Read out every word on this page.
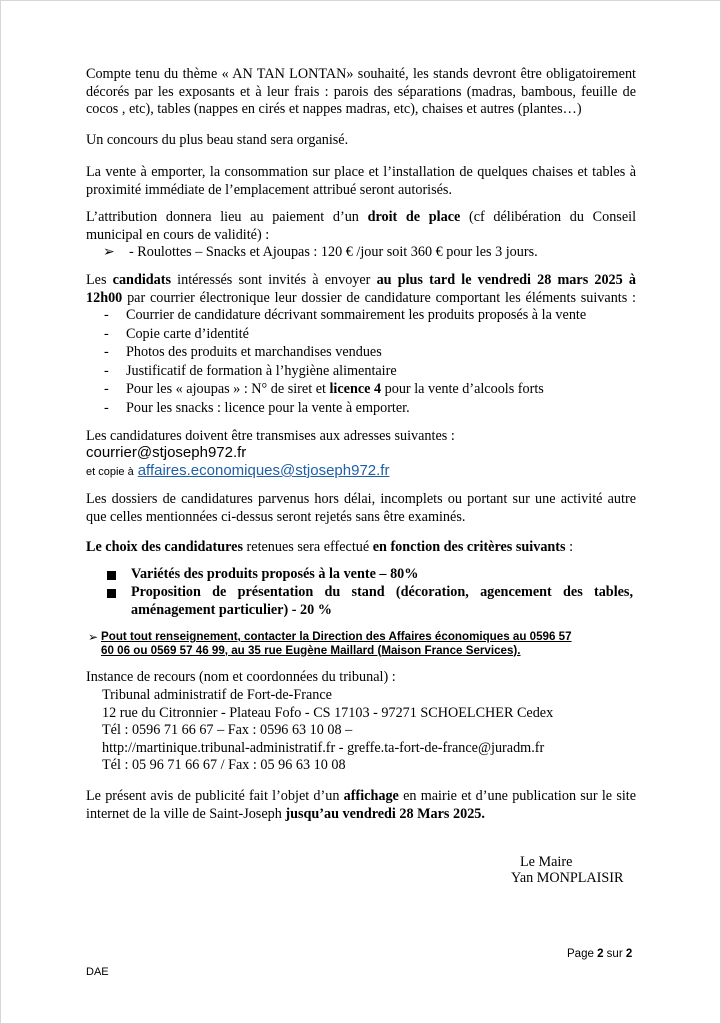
Compte tenu du thème « AN TAN LONTAN» souhaité, les stands devront être obligatoirement
décorés par les exposants et à leur frais : parois des séparations (madras, bambous, feuille de
cocos , etc), tables (nappes en cirés et nappes madras, etc), chaises et autres (plantes…)
Un concours du plus beau stand sera organisé.
La vente à emporter, la consommation sur place et l’installation de quelques chaises et tables à
proximité immédiate de l’emplacement attribué seront autorisés.
L’attribution donnera lieu au paiement d’un droit de place (cf délibération du Conseil
municipal en cours de validité) :
➢ - Roulottes – Snacks et Ajoupas : 120 € /jour soit 360 € pour les 3 jours.
Les candidats intéressés sont invités à envoyer au plus tard le vendredi 28 mars 2025 à
12h00 par courrier électronique leur dossier de candidature comportant les éléments suivants :
- Courrier de candidature décrivant sommairement les produits proposés à la vente
- Copie carte d’identité
- Photos des produits et marchandises vendues
- Justificatif de formation à l’hygiène alimentaire
- Pour les « ajoupas » : N° de siret et licence 4 pour la vente d’alcools forts
- Pour les snacks : licence pour la vente à emporter.
Les candidatures doivent être transmises aux adresses suivantes :
courrier@stjoseph972.fr
et copie à affaires.economiques@stjoseph972.fr
Les dossiers de candidatures parvenus hors délai, incomplets ou portant sur une activité autre
que celles mentionnées ci-dessus seront rejetés sans être examinés.
Le choix des candidatures retenues sera effectué en fonction des critères suivants :
Variétés des produits proposés à la vente – 80%
Proposition de présentation du stand (décoration, agencement des tables,
aménagement particulier) - 20 %
➢ Pout tout renseignement, contacter la Direction des Affaires économiques au 0596 57
60 06 ou 0569 57 46 99, au 35 rue Eugène Maillard (Maison France Services).
Instance de recours (nom et coordonnées du tribunal) :
Tribunal administratif de Fort-de-France
12 rue du Citronnier - Plateau Fofo - CS 17103 - 97271 SCHOELCHER Cedex
Tél : 0596 71 66 67 – Fax : 0596 63 10 08 –
http://martinique.tribunal-administratif.fr - greffe.ta-fort-de-france@juradm.fr
Tél : 05 96 71 66 67 / Fax : 05 96 63 10 08
Le présent avis de publicité fait l’objet d’un affichage en mairie et d’une publication sur le site
internet de la ville de Saint-Joseph jusqu’au vendredi 28 Mars 2025.
Le Maire
Yan MONPLAISIR
Page 2 sur 2
DAE
